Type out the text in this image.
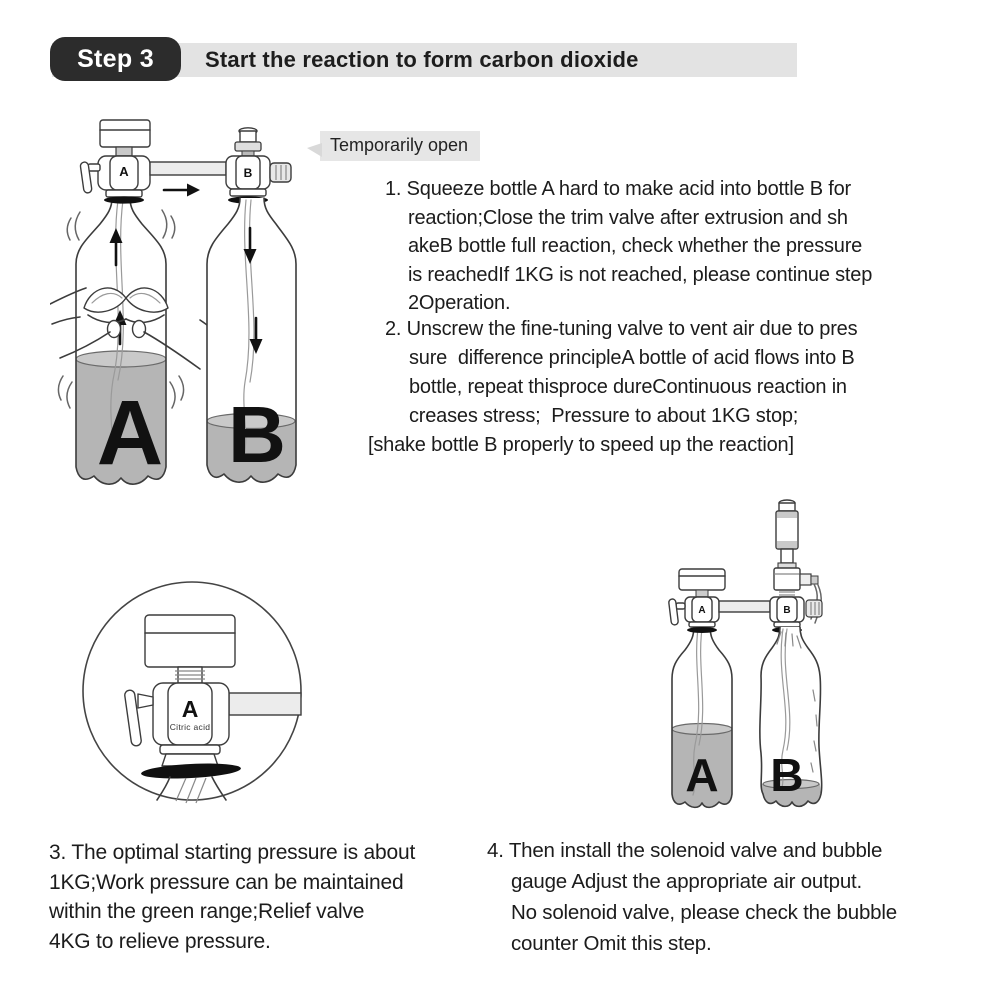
Start the reaction to form carbon dioxide
Step 3
Temporarily open
A
A	B
B
1. Squeeze bottle A hard to make acid into bottle B for
reaction;Close the trim valve after extrusion and sh
akeB bottle full reaction, check whether the pressure
is reachedIf 1KG is not reached, please continue step
2Operation.
2. Unscrew the fine-tuning valve to vent air due to pres
sure  difference principleA bottle of acid flows into B
bottle, repeat thisproce dureContinuous reaction in
creases stress;  Pressure to about 1KG stop;
[shake bottle B properly to speed up the reaction]
A
Citric acid
A
A	B
B
3. The optimal starting pressure is about
1KG;Work pressure can be maintained
within the green range;Relief valve
4KG to relieve pressure.
4. Then install the solenoid valve and bubble
gauge Adjust the appropriate air output.
No solenoid valve, please check the bubble
counter Omit this step.
